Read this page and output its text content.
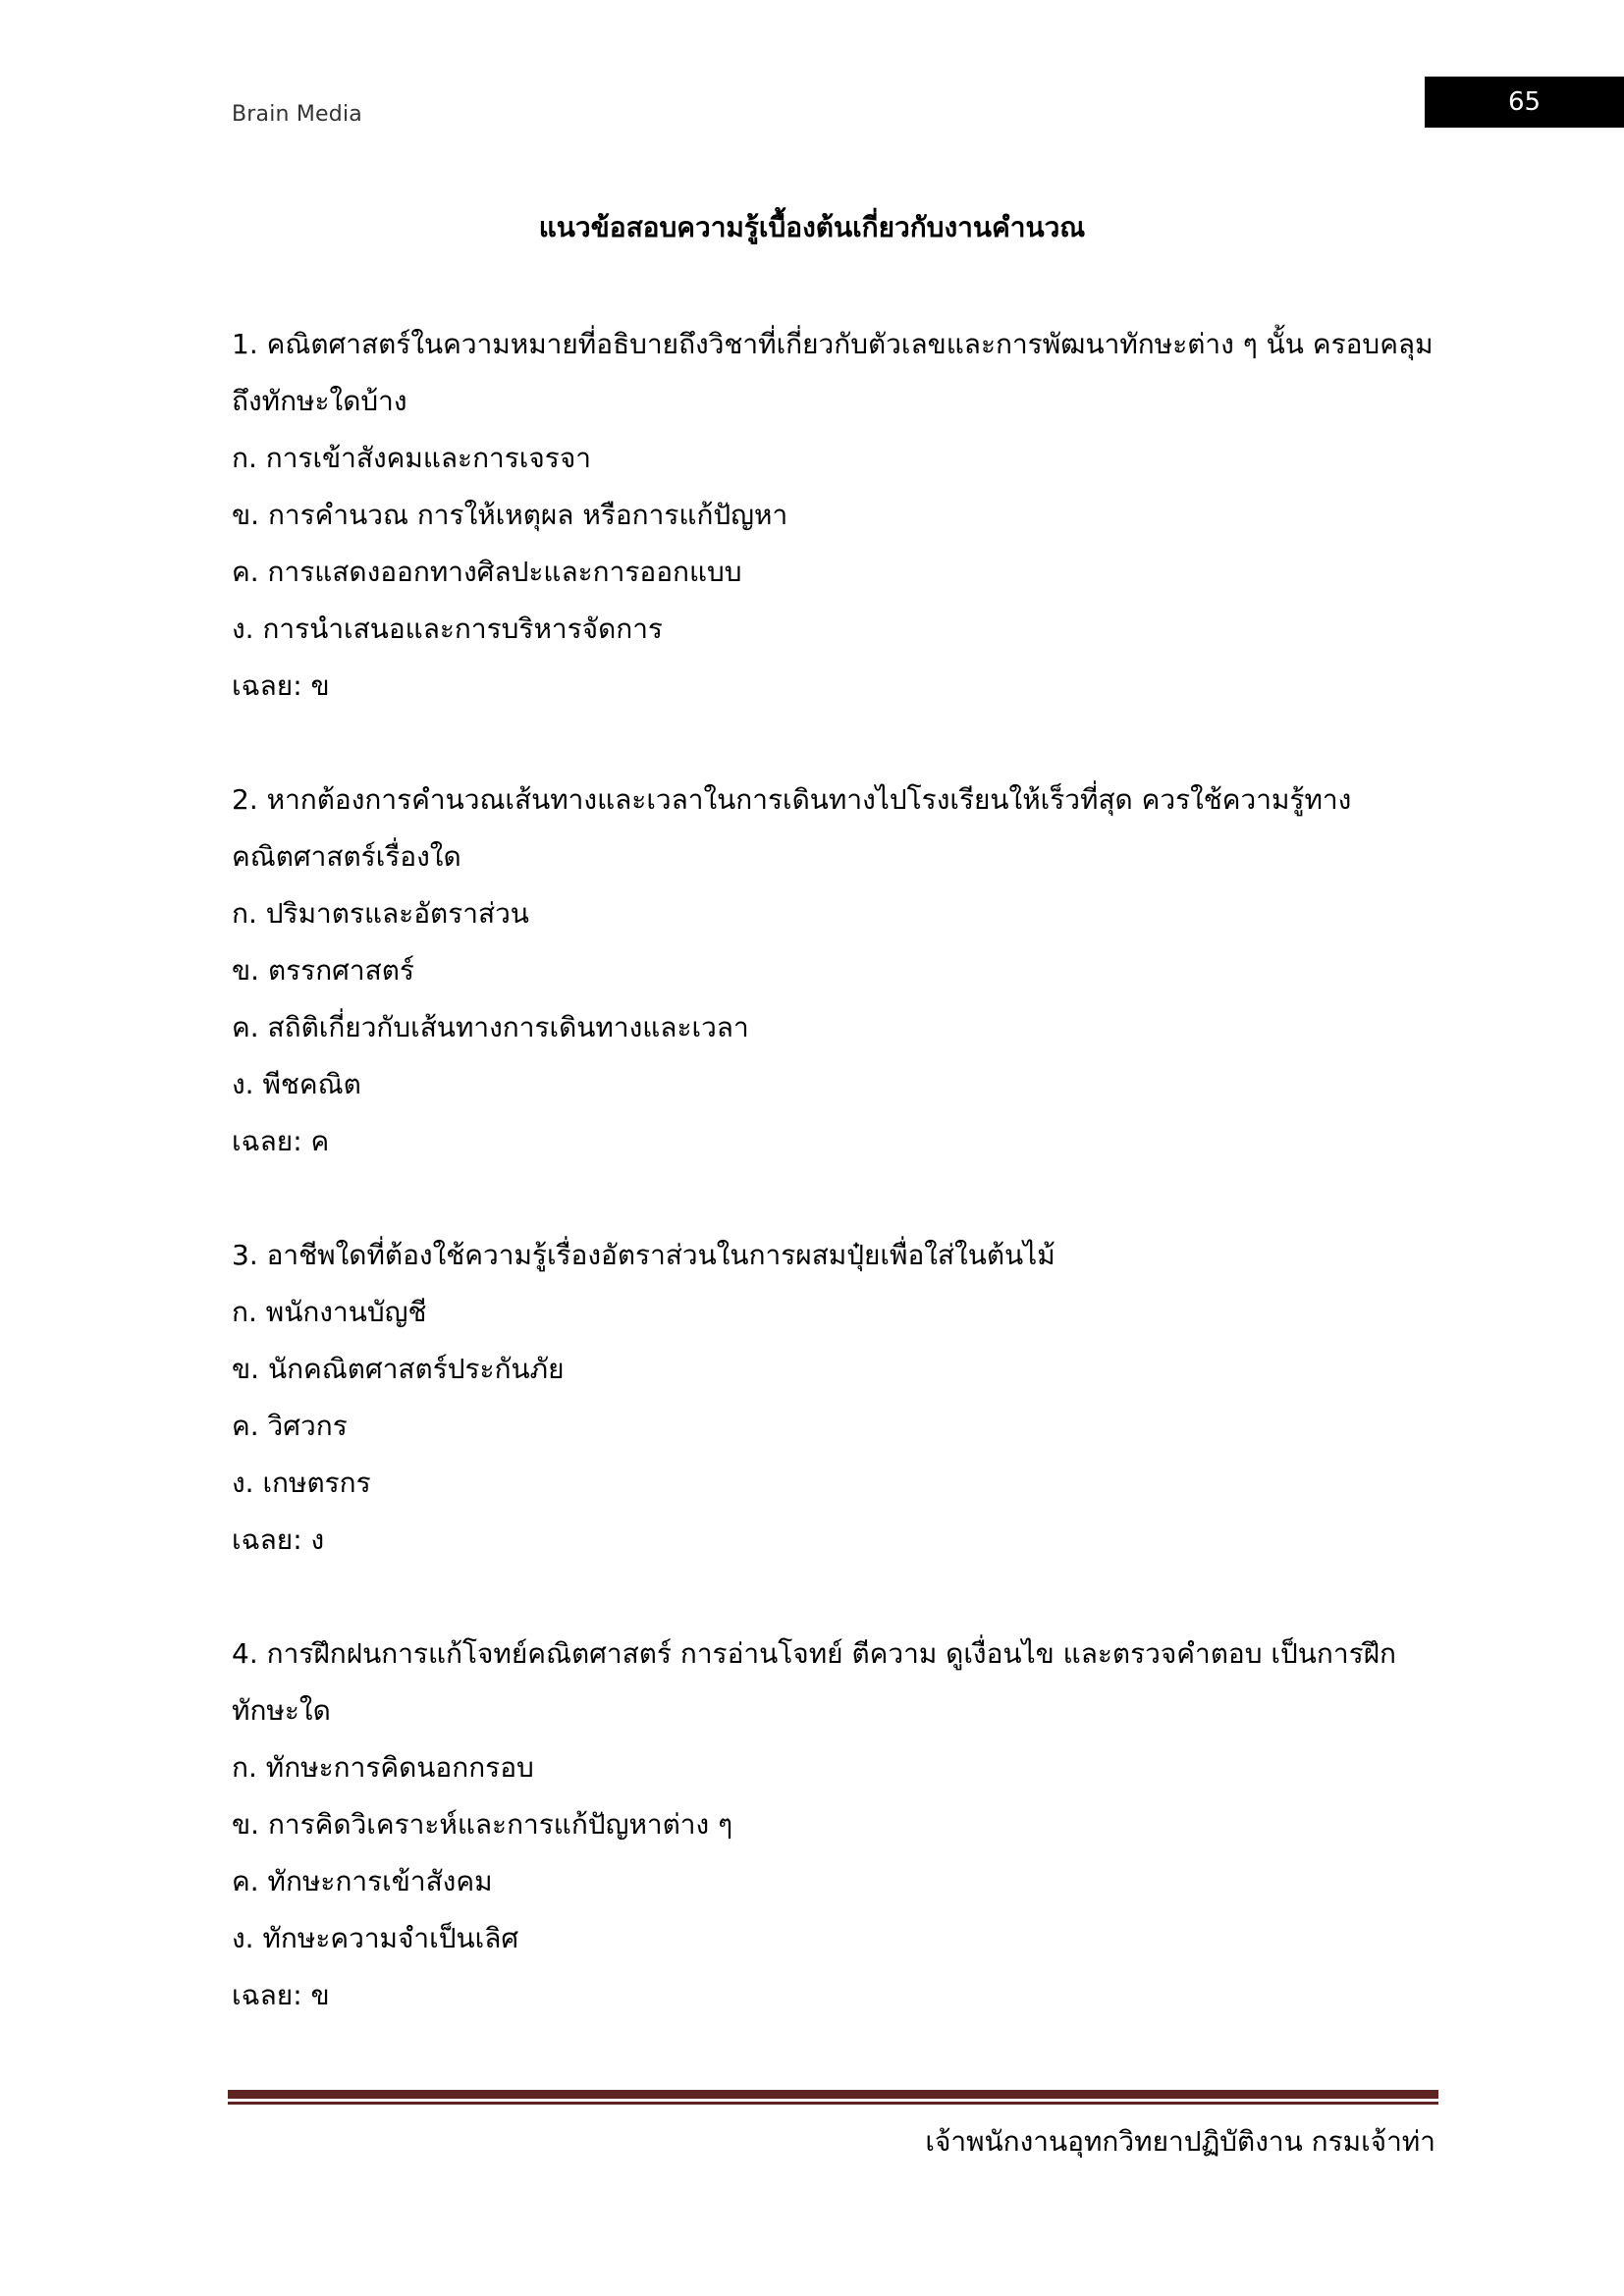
Brain Media	65
แนวข้อสอบความรู้เบื้องต้นเกี่ยวกับงานคำนวณ
1. คณิตศาสตร์ในความหมายที่อธิบายถึงวิชาที่เกี่ยวกับตัวเลขและการพัฒนาทักษะต่าง ๆ นั้น ครอบคลุมถึงทักษะใดบ้าง
ก. การเข้าสังคมและการเจรจา
ข. การคำนวณ การให้เหตุผล หรือการแก้ปัญหา
ค. การแสดงออกทางศิลปะและการออกแบบ
ง. การนำเสนอและการบริหารจัดการ
เฉลย: ข
2. หากต้องการคำนวณเส้นทางและเวลาในการเดินทางไปโรงเรียนให้เร็วที่สุด ควรใช้ความรู้ทางคณิตศาสตร์เรื่องใด
ก. ปริมาตรและอัตราส่วน
ข. ตรรกศาสตร์
ค. สถิติเกี่ยวกับเส้นทางการเดินทางและเวลา
ง. พีชคณิต
เฉลย: ค
3. อาชีพใดที่ต้องใช้ความรู้เรื่องอัตราส่วนในการผสมปุ๋ยเพื่อใส่ในต้นไม้
ก. พนักงานบัญชี
ข. นักคณิตศาสตร์ประกันภัย
ค. วิศวกร
ง. เกษตรกร
เฉลย: ง
4. การฝึกฝนการแก้โจทย์คณิตศาสตร์ การอ่านโจทย์ ตีความ ดูเงื่อนไข และตรวจคำตอบ เป็นการฝึกทักษะใด
ก. ทักษะการคิดนอกกรอบ
ข. การคิดวิเคราะห์และการแก้ปัญหาต่าง ๆ
ค. ทักษะการเข้าสังคม
ง. ทักษะความจำเป็นเลิศ
เฉลย: ข
เจ้าพนักงานอุทกวิทยาปฏิบัติงาน กรมเจ้าท่า
